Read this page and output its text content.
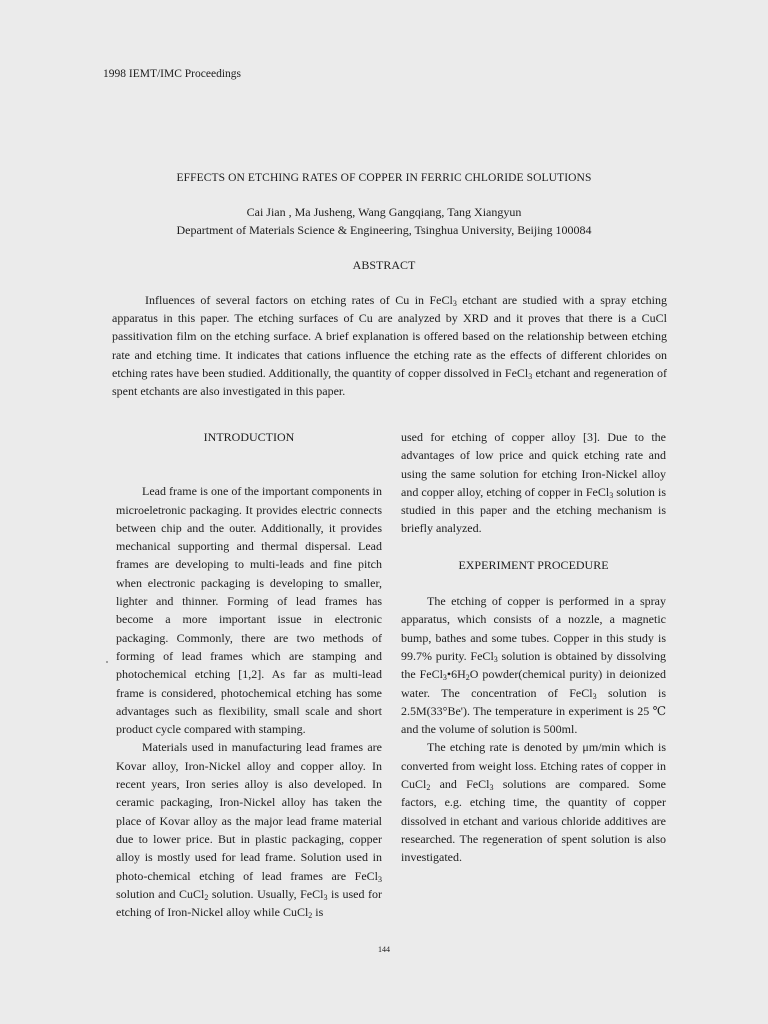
1998 IEMT/IMC Proceedings
EFFECTS ON ETCHING RATES OF COPPER IN FERRIC CHLORIDE SOLUTIONS
Cai Jian , Ma Jusheng, Wang Gangqiang, Tang Xiangyun
Department of Materials Science & Engineering, Tsinghua University, Beijing 100084
ABSTRACT
Influences of several factors on etching rates of Cu in FeCl$_3$ etchant are studied with a spray etching apparatus in this paper. The etching surfaces of Cu are analyzed by XRD and it proves that there is a CuCl passitivation film on the etching surface. A brief explanation is offered based on the relationship between etching rate and etching time. It indicates that cations influence the etching rate as the effects of different chlorides on etching rates have been studied. Additionally, the quantity of copper dissolved in FeCl$_3$ etchant and regeneration of spent etchants are also investigated in this paper.

INTRODUCTION

Lead frame is one of the important components in microeletronic packaging. It provides electric connects between chip and the outer. Additionally, it provides mechanical supporting and thermal dispersal. Lead frames are developing to multi-leads and fine pitch when electronic packaging is developing to smaller, lighter and thinner. Forming of lead frames has become a more important issue in electronic packaging. Commonly, there are two methods of forming of lead frames which are stamping and photochemical etching [1,2]. As far as multi-lead frame is considered, photochemical etching has some advantages such as flexibility, small scale and short product cycle compared with stamping.

Materials used in manufacturing lead frames are Kovar alloy, Iron-Nickel alloy and copper alloy. In recent years, Iron series alloy is also developed. In ceramic packaging, Iron-Nickel alloy has taken the place of Kovar alloy as the major lead frame material due to lower price. But in plastic packaging, copper alloy is mostly used for lead frame. Solution used in photo-chemical etching of lead frames are FeCl$_3$ solution and CuCl$_2$ solution. Usually, FeCl$_3$ is used for etching of Iron-Nickel alloy while CuCl$_2$ is

used for etching of copper alloy [3]. Due to the advantages of low price and quick etching rate and using the same solution for etching Iron-Nickel alloy and copper alloy, etching of copper in FeCl$_3$ solution is studied in this paper and the etching mechanism is briefly analyzed.

EXPERIMENT PROCEDURE

The etching of copper is performed in a spray apparatus, which consists of a nozzle, a magnetic bump, bathes and some tubes. Copper in this study is 99.7% purity. FeCl$_3$ solution is obtained by dissolving the $FeCl_3•6H_2O$ powder(chemical purity) in deionized water. The concentration of FeCl$_3$ solution is 2.5M(33°Be'). The temperature in experiment is 25 ℃ and the volume of solution is 500ml.

The etching rate is denoted by μm/min which is converted from weight loss. Etching rates of copper in CuCl$_2$ and FeCl$_3$ solutions are compared. Some factors, e.g. etching time, the quantity of copper dissolved in etchant and various chloride additives are researched. The regeneration of spent solution is also investigated.

144
